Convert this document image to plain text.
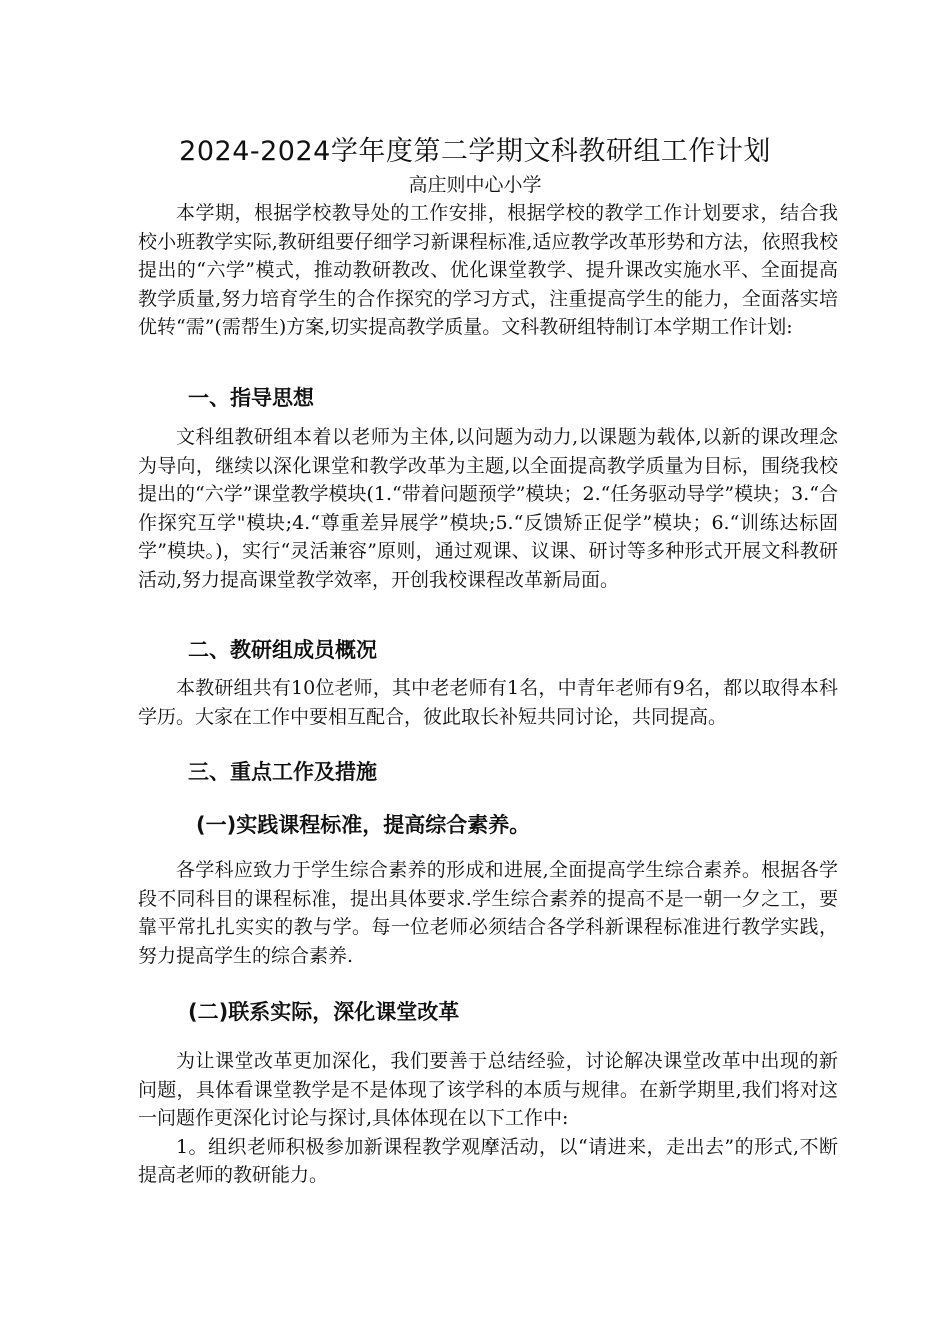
2024-2024学年度第二学期文科教研组工作计划
高庄则中心小学

本学期，根据学校教导处的工作安排，根据学校的教学工作计划要求，结合我校小班教学实际,教研组要仔细学习新课程标准,适应教学改革形势和方法，依照我校提出的“六学”模式，推动教研教改、优化课堂教学、提升课改实施水平、全面提高教学质量,努力培育学生的合作探究的学习方式，注重提高学生的能力，全面落实培优转“需”(需帮生)方案,切实提高教学质量。文科教研组特制订本学期工作计划:

一、指导思想

文科组教研组本着以老师为主体,以问题为动力,以课题为载体,以新的课改理念为导向，继续以深化课堂和教学改革为主题,以全面提高教学质量为目标，围绕我校提出的“六学”课堂教学模块(1.“带着问题预学”模块；2.“任务驱动导学”模块；3.“合作探究互学"模块;4.“尊重差异展学”模块;5.“反馈矫正促学”模块；6.“训练达标固学”模块。)，实行“灵活兼容”原则，通过观课、议课、研讨等多种形式开展文科教研活动,努力提高课堂教学效率，开创我校课程改革新局面。

二、教研组成员概况

本教研组共有10位老师，其中老老师有1名，中青年老师有9名，都以取得本科学历。大家在工作中要相互配合，彼此取长补短共同讨论，共同提高。

三、重点工作及措施
(一)实践课程标准，提高综合素养。

各学科应致力于学生综合素养的形成和进展,全面提高学生综合素养。根据各学段不同科目的课程标准，提出具体要求.学生综合素养的提高不是一朝一夕之工，要靠平常扎扎实实的教与学。每一位老师必须结合各学科新课程标准进行教学实践，努力提高学生的综合素养.

(二)联系实际，深化课堂改革

为让课堂改革更加深化，我们要善于总结经验，讨论解决课堂改革中出现的新问题，具体看课堂教学是不是体现了该学科的本质与规律。在新学期里,我们将对这一问题作更深化讨论与探讨,具体体现在以下工作中:

1。组织老师积极参加新课程教学观摩活动，以“请进来，走出去”的形式,不断提高老师的教研能力。
